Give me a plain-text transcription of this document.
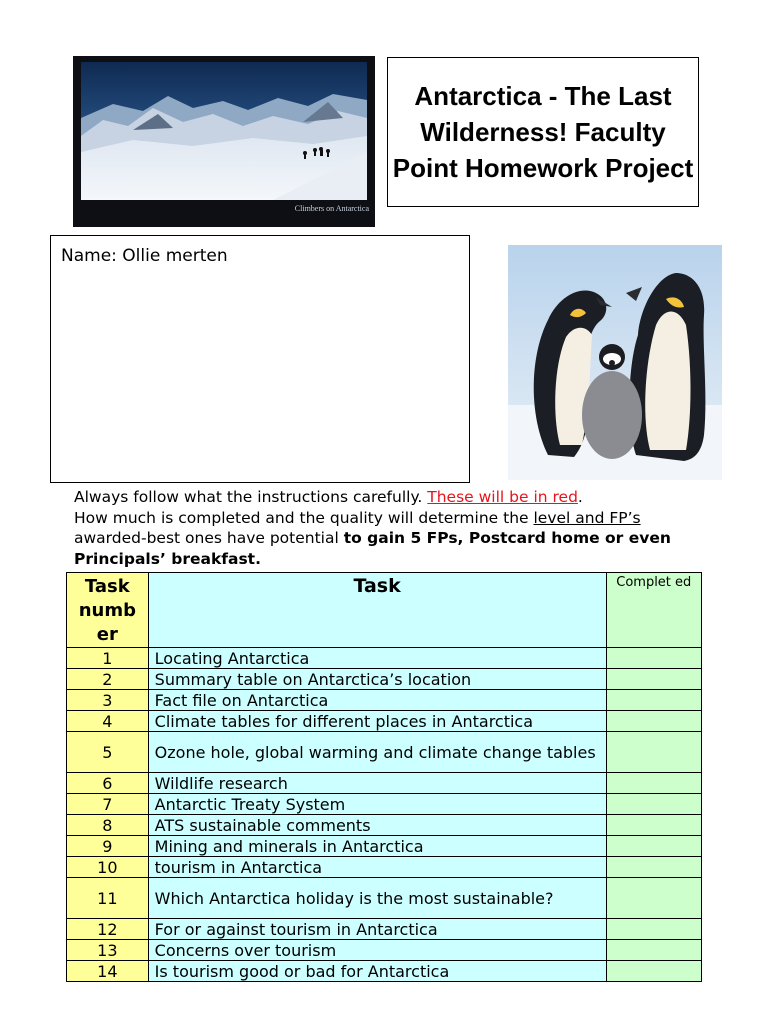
Climbers on Antarctica
Antarctica - The Last Wilderness! Faculty Point Homework Project
Name: Ollie merten
Always follow what the instructions carefully. These will be in red.
How much is completed and the quality will determine the level and FP’s awarded-best ones have potential to gain 5 FPs, Postcard home or even Principals’ breakfast.
Task numb er	Task	Complet ed
1	Locating Antarctica	
2	Summary table on Antarctica’s location	
3	Fact file on Antarctica	
4	Climate tables for different places in Antarctica	
5	Ozone hole, global warming and climate change tables	
6	Wildlife research	
7	Antarctic Treaty System	
8	ATS sustainable comments	
9	Mining and minerals in Antarctica	
10	tourism in Antarctica	
11	Which Antarctica holiday is the most sustainable?	
12	For or against tourism in Antarctica	
13	Concerns over tourism	
14	Is tourism good or bad for Antarctica	
